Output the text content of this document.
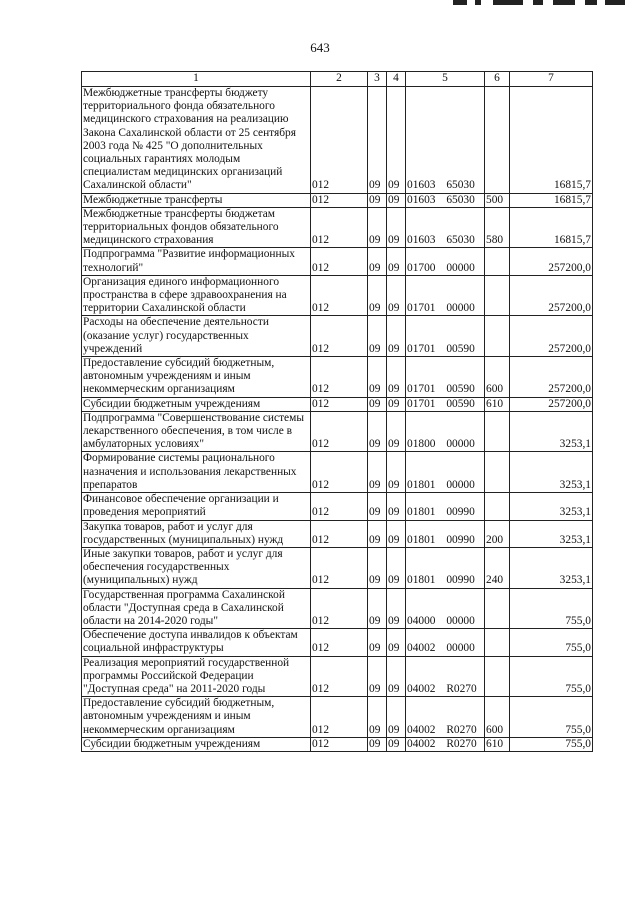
643
1	2	3	4	5	6	7
Межбюджетные трансферты бюджету территориального фонда обязательного медицинского страхования на реализацию Закона Сахалинской области от 25 сентября 2003 года № 425 "О дополнительных социальных гарантиях молодым специалистам медицинских организаций Сахалинской области"	012	09	09	01603 65030		16815,7
Межбюджетные трансферты	012	09	09	01603 65030	500	16815,7
Межбюджетные трансферты бюджетам территориальных фондов обязательного медицинского страхования	012	09	09	01603 65030	580	16815,7
Подпрограмма "Развитие информационных технологий"	012	09	09	01700 00000		257200,0
Организация единого информационного пространства в сфере здравоохранения на территории Сахалинской области	012	09	09	01701 00000		257200,0
Расходы на обеспечение деятельности (оказание услуг) государственных учреждений	012	09	09	01701 00590		257200,0
Предоставление субсидий бюджетным, автономным учреждениям и иным некоммерческим организациям	012	09	09	01701 00590	600	257200,0
Субсидии бюджетным учреждениям	012	09	09	01701 00590	610	257200,0
Подпрограмма "Совершенствование системы лекарственного обеспечения, в том числе в амбулаторных условиях"	012	09	09	01800 00000		3253,1
Формирование системы рационального назначения и использования лекарственных препаратов	012	09	09	01801 00000		3253,1
Финансовое обеспечение организации и проведения мероприятий	012	09	09	01801 00990		3253,1
Закупка товаров, работ и услуг для государственных (муниципальных) нужд	012	09	09	01801 00990	200	3253,1
Иные закупки товаров, работ и услуг для обеспечения государственных (муниципальных) нужд	012	09	09	01801 00990	240	3253,1
Государственная программа Сахалинской области "Доступная среда в Сахалинской области на 2014-2020 годы"	012	09	09	04000 00000		755,0
Обеспечение доступа инвалидов к объектам социальной инфраструктуры	012	09	09	04002 00000		755,0
Реализация мероприятий государственной программы Российской Федерации "Доступная среда" на 2011-2020 годы	012	09	09	04002 R0270		755,0
Предоставление субсидий бюджетным, автономным учреждениям и иным некоммерческим организациям	012	09	09	04002 R0270	600	755,0
Субсидии бюджетным учреждениям	012	09	09	04002 R0270	610	755,0
